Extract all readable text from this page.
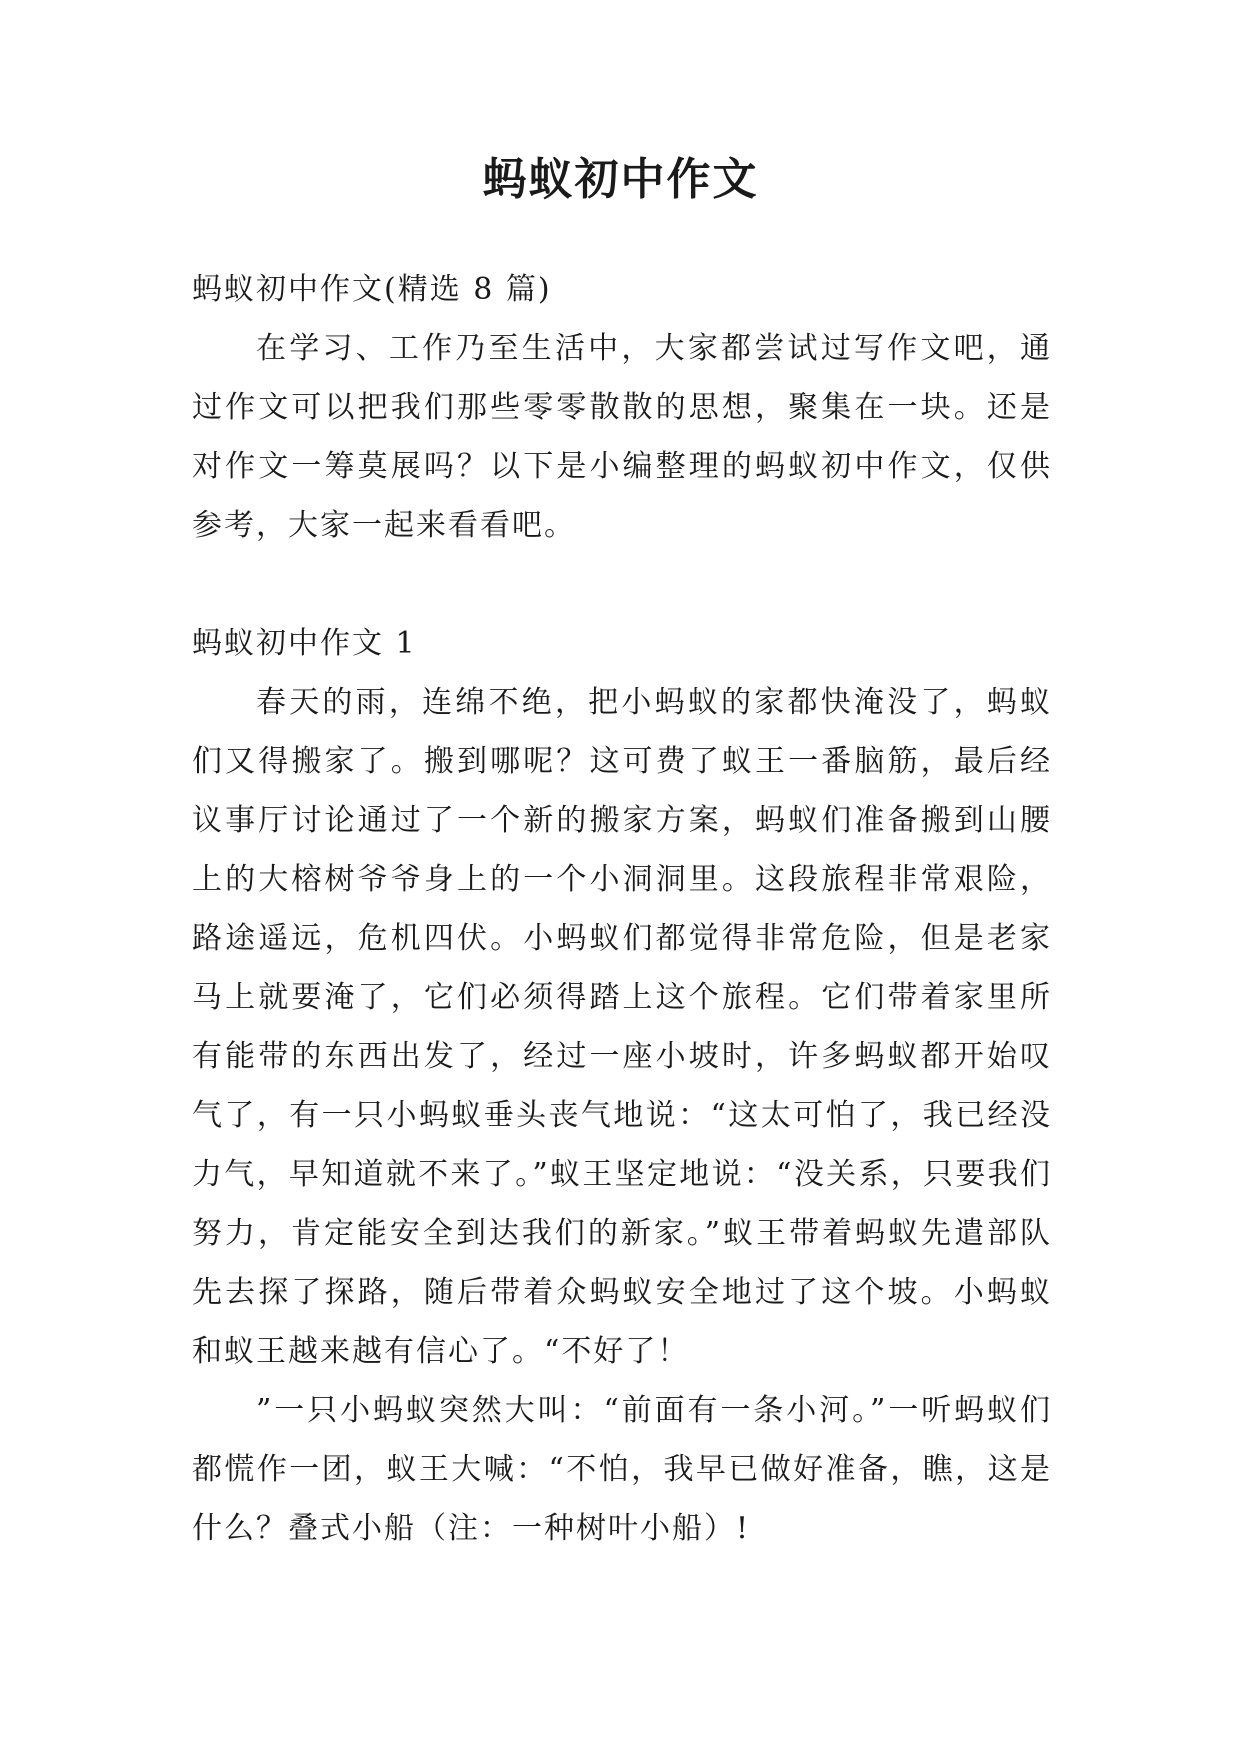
蚂蚁初中作文

蚂蚁初中作文(精选 8 篇)

在学习、工作乃至生活中，大家都尝试过写作文吧，通过作文可以把我们那些零零散散的思想，聚集在一块。还是对作文一筹莫展吗？以下是小编整理的蚂蚁初中作文，仅供参考，大家一起来看看吧。

蚂蚁初中作文 1

春天的雨，连绵不绝，把小蚂蚁的家都快淹没了，蚂蚁们又得搬家了。搬到哪呢？这可费了蚁王一番脑筋，最后经议事厅讨论通过了一个新的搬家方案，蚂蚁们准备搬到山腰上的大榕树爷爷身上的一个小洞洞里。这段旅程非常艰险，路途遥远，危机四伏。小蚂蚁们都觉得非常危险，但是老家马上就要淹了，它们必须得踏上这个旅程。它们带着家里所有能带的东西出发了，经过一座小坡时，许多蚂蚁都开始叹气了，有一只小蚂蚁垂头丧气地说：“这太可怕了，我已经没力气，早知道就不来了。”蚁王坚定地说：“没关系，只要我们努力，肯定能安全到达我们的新家。”蚁王带着蚂蚁先遣部队先去探了探路，随后带着众蚂蚁安全地过了这个坡。小蚂蚁和蚁王越来越有信心了。“不好了！

”一只小蚂蚁突然大叫：“前面有一条小河。”一听蚂蚁们都慌作一团，蚁王大喊：“不怕，我早已做好准备，瞧，这是什么？叠式小船（注：一种树叶小船）!
